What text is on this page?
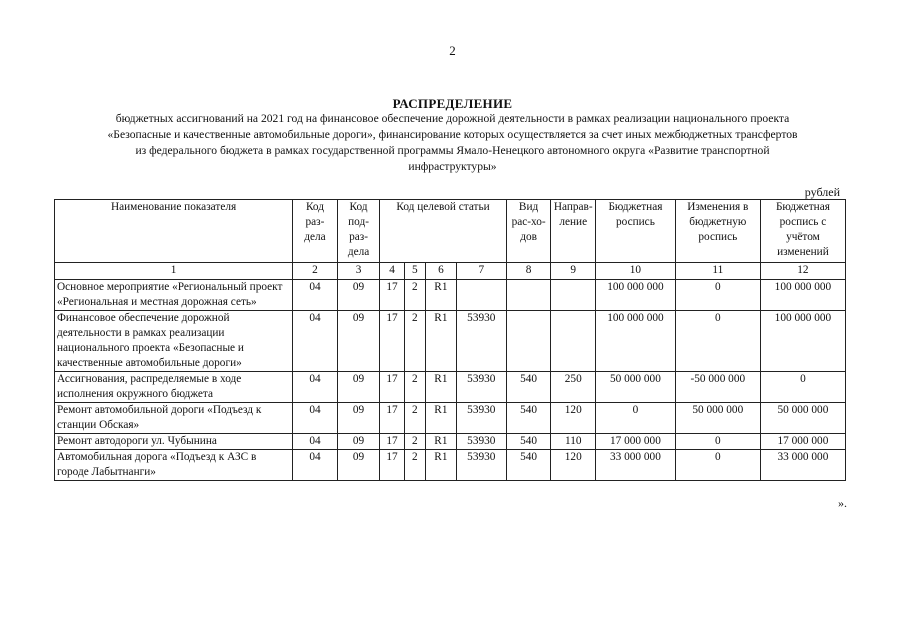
2
РАСПРЕДЕЛЕНИЕ
бюджетных ассигнований на 2021 год на финансовое обеспечение дорожной деятельности в рамках реализации национального проекта
«Безопасные и качественные автомобильные дороги», финансирование которых осуществляется за счет иных межбюджетных трансфертов
из федерального бюджета в рамках государственной программы Ямало-Ненецкого автономного округа «Развитие транспортной
инфраструктуры»
рублей
Наименование показателя	Код раз-дела	Код под-раз-дела	Код целевой статьи				Вид рас-хо-дов	Направ-ление	Бюджетная роспись	Изменения в бюджетную роспись	Бюджетная роспись с учётом изменений
1	2	3	4	5	6	7	8	9	10	11	12
Основное мероприятие «Региональный проект «Региональная и местная дорожная сеть»	04	09	17	2	R1				100 000 000	0	100 000 000
Финансовое обеспечение дорожной деятельности в рамках реализации национального проекта «Безопасные и качественные автомобильные дороги»	04	09	17	2	R1	53930			100 000 000	0	100 000 000
Ассигнования, распределяемые в ходе исполнения окружного бюджета	04	09	17	2	R1	53930	540	250	50 000 000	-50 000 000	0
Ремонт автомобильной дороги «Подъезд к станции Обская»	04	09	17	2	R1	53930	540	120	0	50 000 000	50 000 000
Ремонт автодороги ул. Чубынина	04	09	17	2	R1	53930	540	110	17 000 000	0	17 000 000
Автомобильная дорога «Подъезд к АЗС в городе Лабытнанги»	04	09	17	2	R1	53930	540	120	33 000 000	0	33 000 000
».
